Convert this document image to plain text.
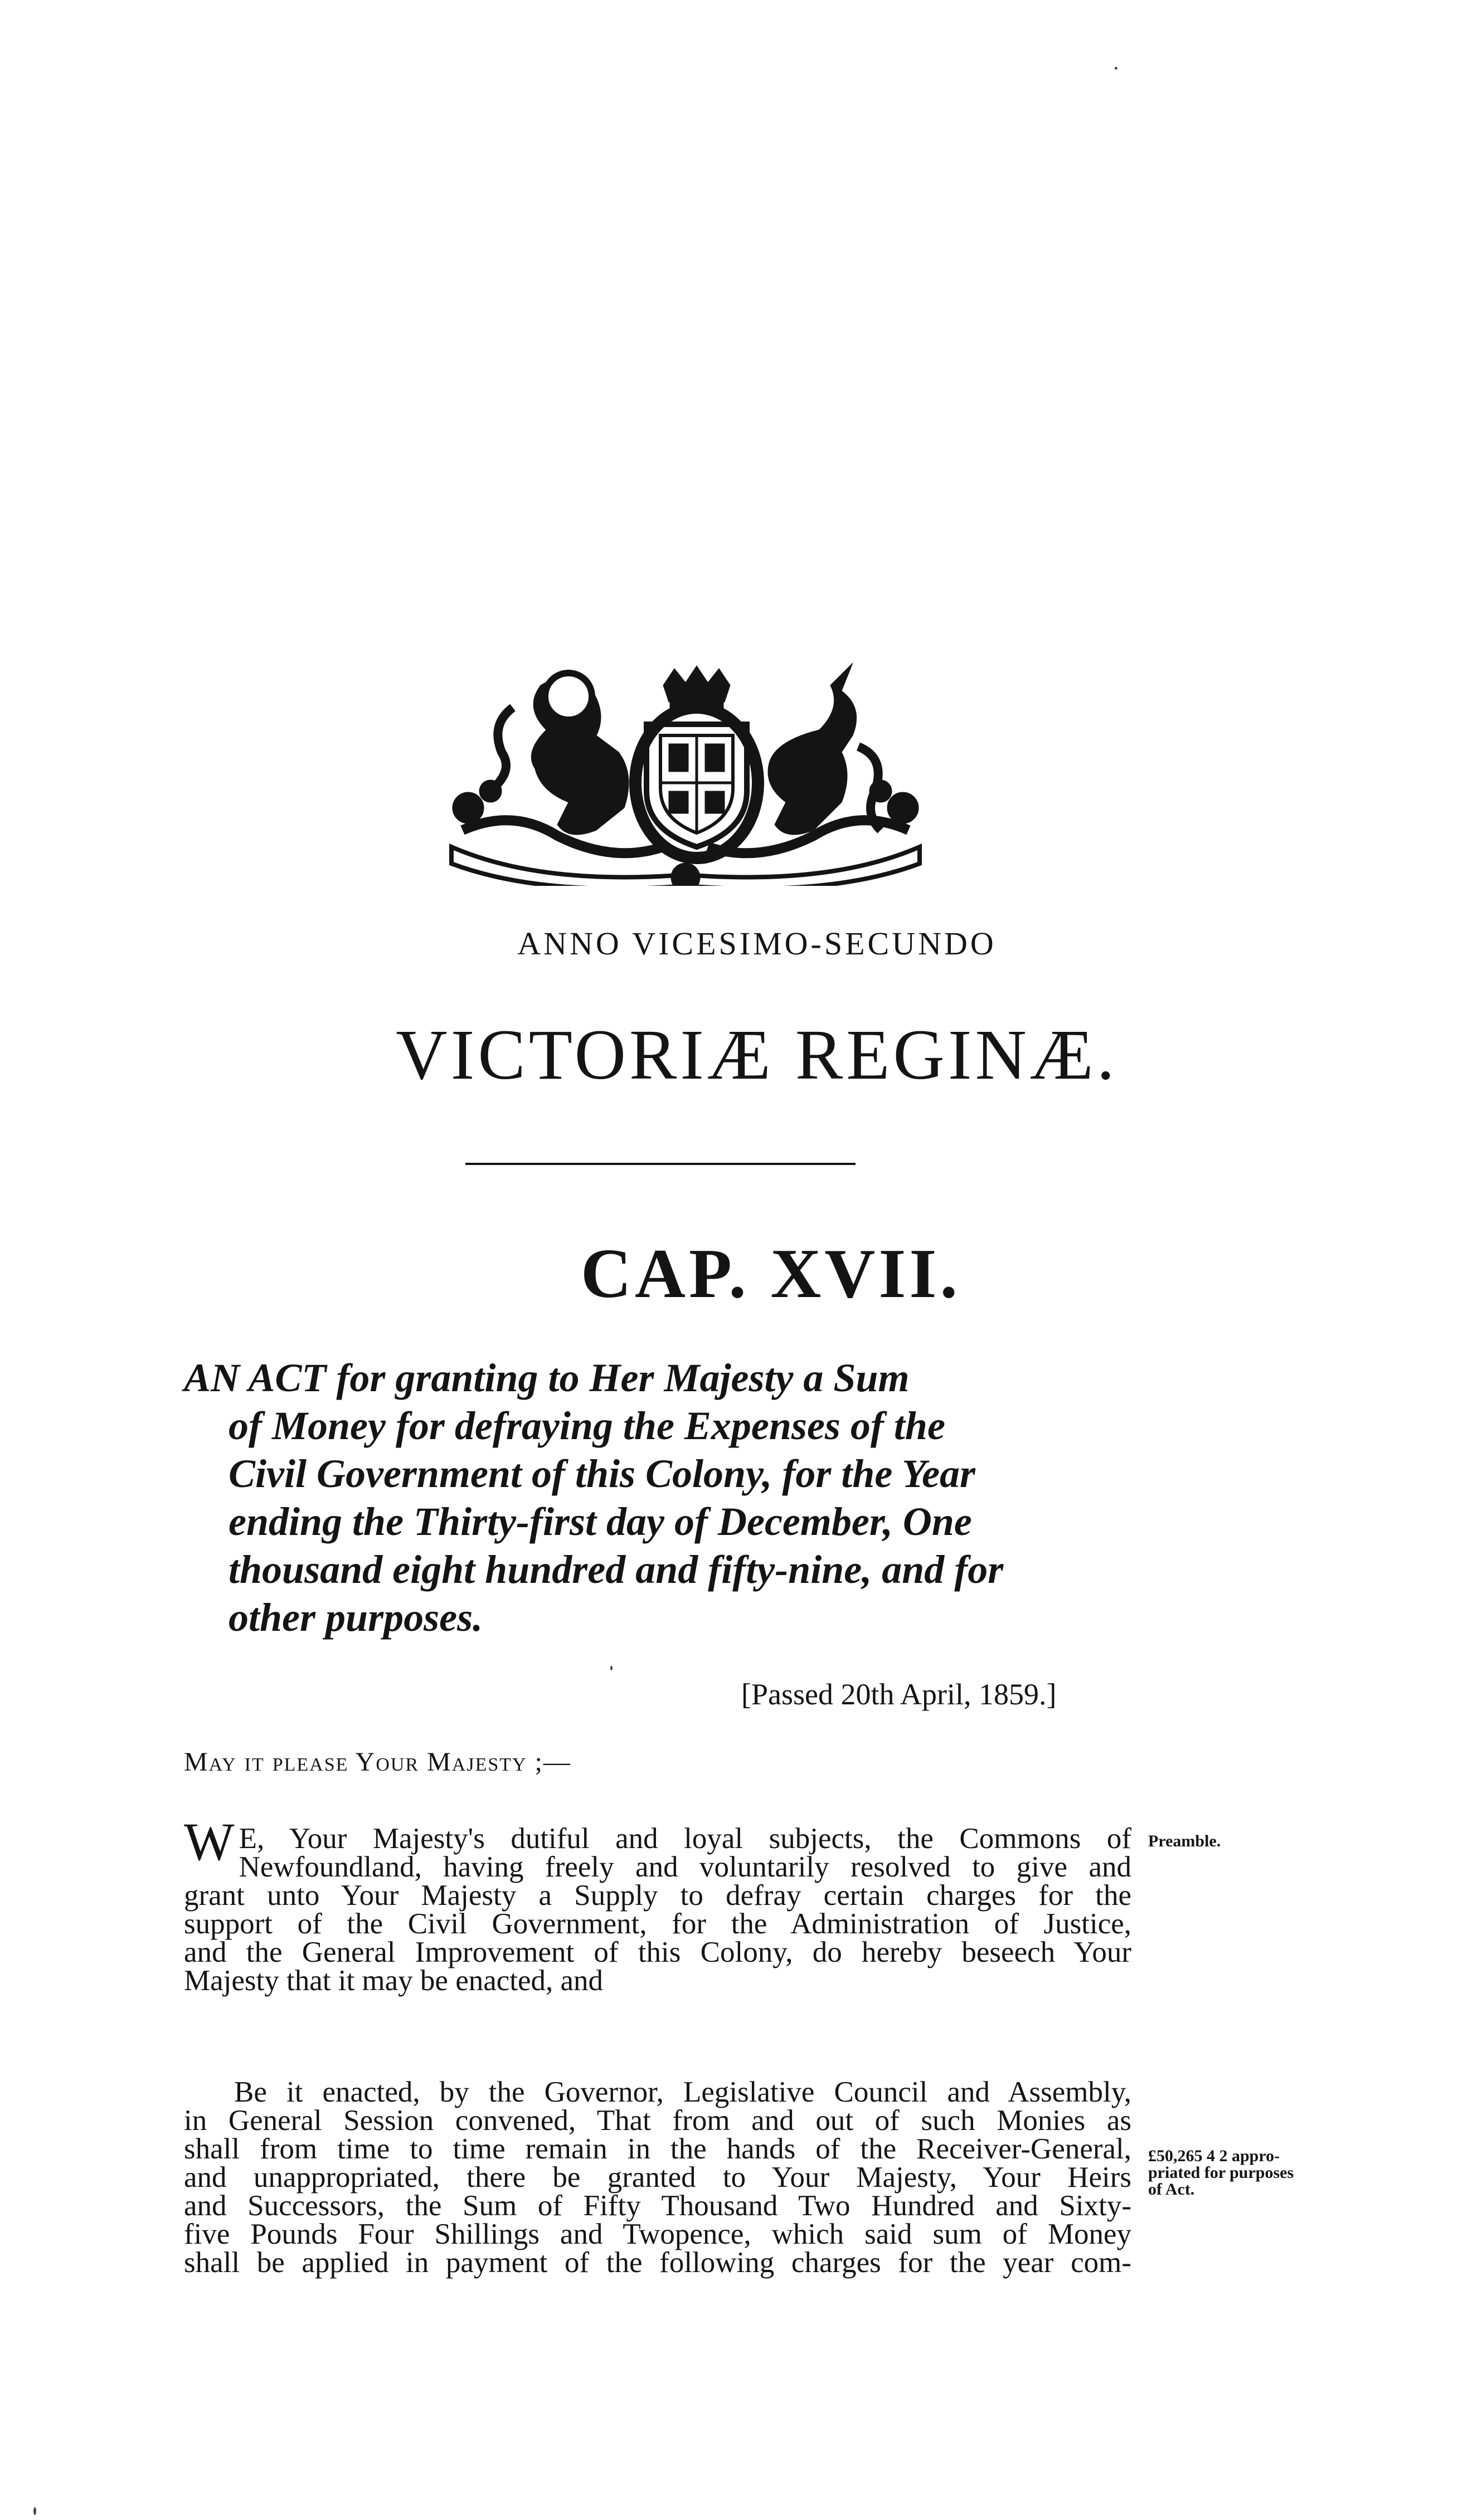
ANNO VICESIMO-SECUNDO
VICTORIÆ REGINÆ.
CAP. XVII.
AN ACT for granting to Her Majesty a Sum
of Money for defraying the Expenses of the
Civil Government of this Colony, for the Year
ending the Thirty-first day of December, One
thousand eight hundred and fifty-nine, and for
other purposes.
[Passed 20th April, 1859.]
May it please Your Majesty ;—
W E, Your Majesty's dutiful and loyal subjects, the Commons of
Newfoundland, having freely and voluntarily resolved to give and
grant unto Your Majesty a Supply to defray certain charges for the
support of the Civil Government, for the Administration of Justice,
and the General Improvement of this Colony, do hereby beseech Your
Majesty that it may be enacted, and
Preamble.
Be it enacted, by the Governor, Legislative Council and Assembly,
in General Session convened, That from and out of such Monies as
shall from time to time remain in the hands of the Receiver-General,
and unappropriated, there be granted to Your Majesty, Your Heirs
and Successors, the Sum of Fifty Thousand Two Hundred and Sixty-
five Pounds Four Shillings and Twopence, which said sum of Money
shall be applied in payment of the following charges for the year com-
£50,265 4 2 appro-
priated for purposes
of Act.
